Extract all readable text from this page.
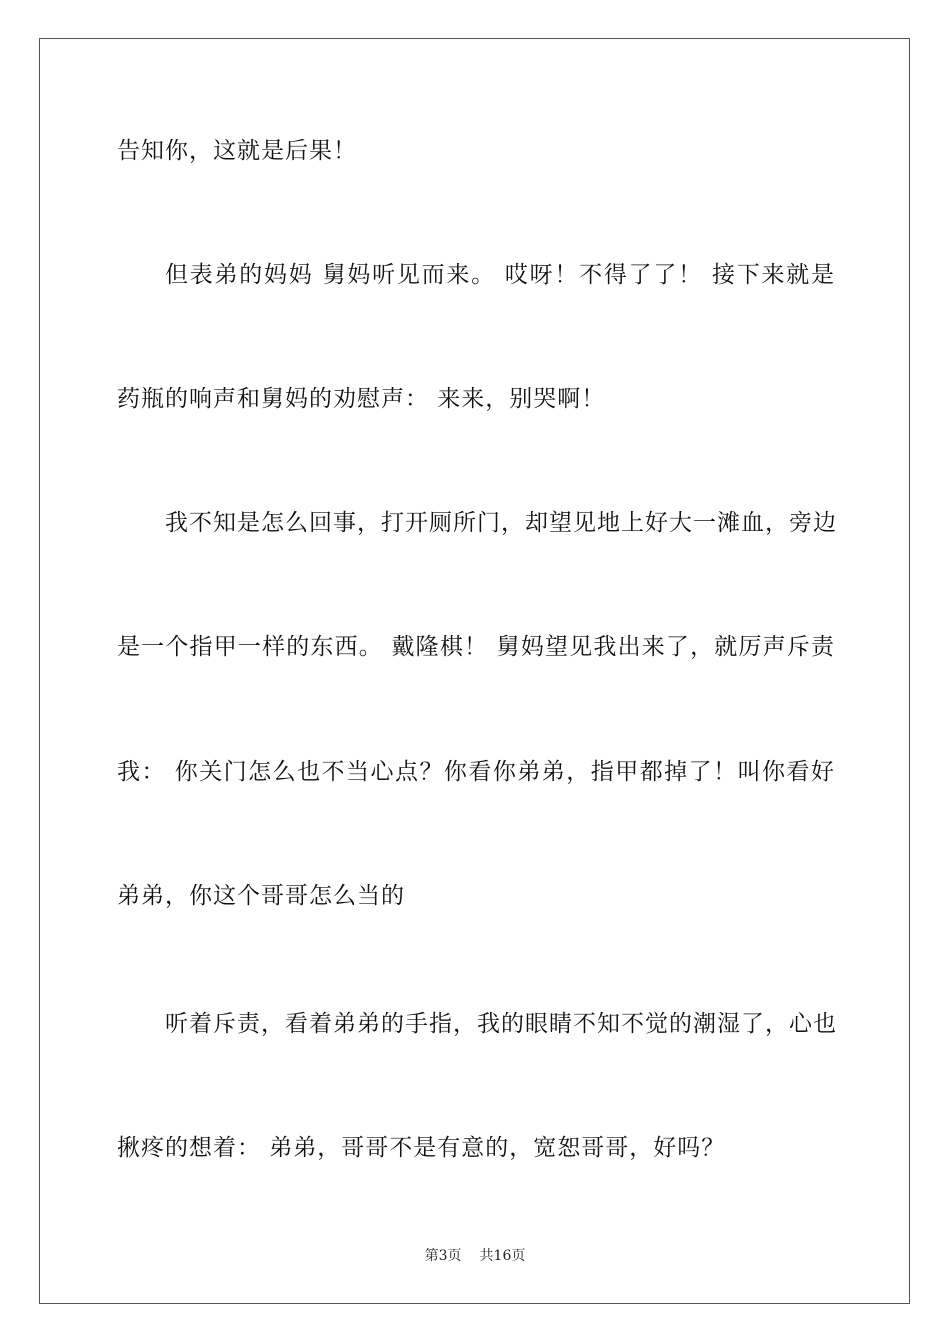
告知你，这就是后果！
但表弟的妈妈 舅妈听见而来。 哎呀！不得了了！ 接下来就是
药瓶的响声和舅妈的劝慰声： 来来，别哭啊！
我不知是怎么回事，打开厕所门，却望见地上好大一滩血，旁边
是一个指甲一样的东西。 戴隆棋！ 舅妈望见我出来了，就厉声斥责
我： 你关门怎么也不当心点？你看你弟弟，指甲都掉了！叫你看好
弟弟，你这个哥哥怎么当的
听着斥责，看着弟弟的手指，我的眼睛不知不觉的潮湿了，心也
揪疼的想着： 弟弟，哥哥不是有意的，宽恕哥哥，好吗？
第3页 共16页
